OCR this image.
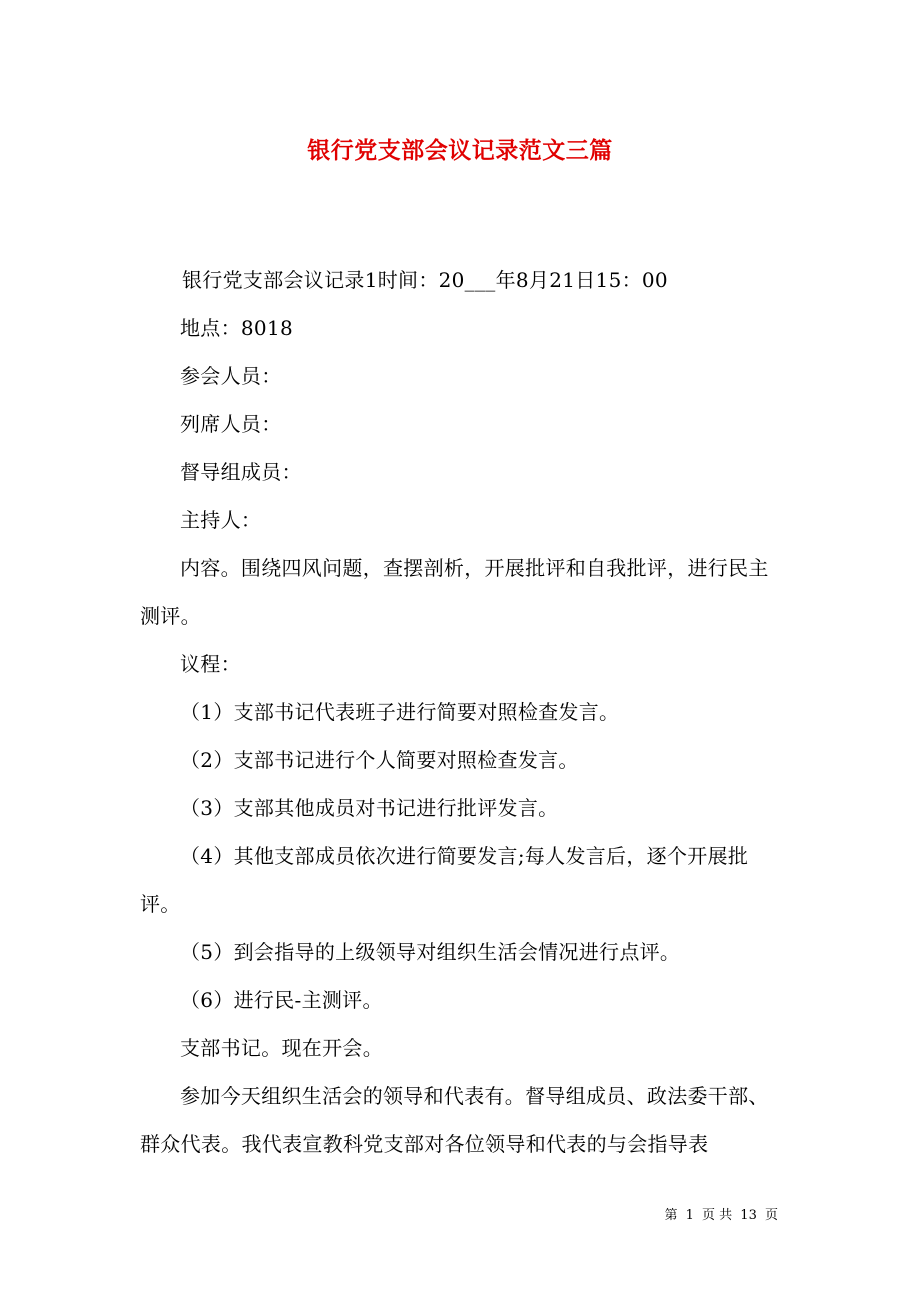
银行党支部会议记录范文三篇

银行党支部会议记录1时间：20___年8月21日15：00

地点：8018

参会人员：

列席人员：

督导组成员：

主持人：

内容。围绕四风问题，查摆剖析，开展批评和自我批评，进行民主测评。

议程：

（1）支部书记代表班子进行简要对照检查发言。

（2）支部书记进行个人简要对照检查发言。

（3）支部其他成员对书记进行批评发言。

（4）其他支部成员依次进行简要发言;每人发言后，逐个开展批评。

（5）到会指导的上级领导对组织生活会情况进行点评。

（6）进行民-主测评。

支部书记。现在开会。

参加今天组织生活会的领导和代表有。督导组成员、政法委干部、群众代表。我代表宣教科党支部对各位领导和代表的与会指导表

第 1 页 共 13 页
